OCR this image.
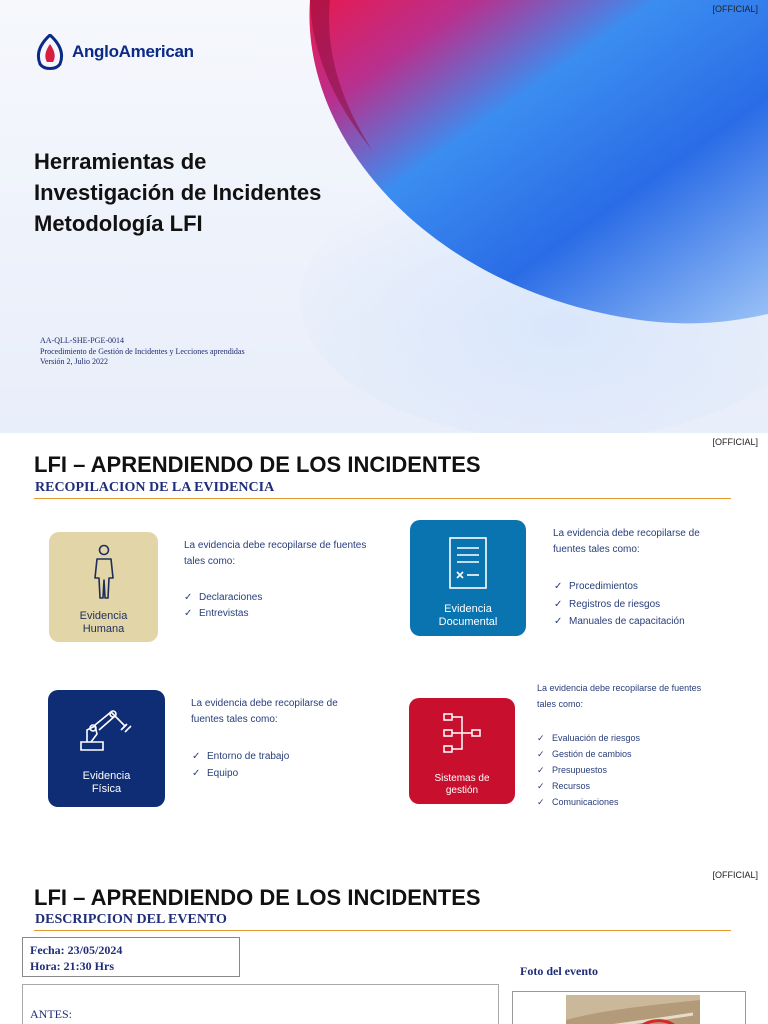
[OFFICIAL]
AngloAmerican
Herramientas de
Investigación de Incidentes
Metodología LFI
AA-QLL-SHE-PGE-0014
Procedimiento de Gestión de Incidentes y Lecciones aprendidas
Versión 2, Julio 2022
[OFFICIAL]
LFI – APRENDIENDO DE LOS INCIDENTES
RECOPILACION DE LA EVIDENCIA
Evidencia
Humana
La evidencia debe recopilarse de fuentes
tales como:
✓ Declaraciones
✓ Entrevistas	Evidencia
Documental
La evidencia debe recopilarse de
fuentes tales como:
✓ Procedimientos
✓ Registros de riesgos
✓ Manuales de capacitación
Evidencia
Física
La evidencia debe recopilarse de
fuentes tales como:
✓ Entorno de trabajo
✓ Equipo	Sistemas de
gestión
La evidencia debe recopilarse de fuentes
tales como:
✓ Evaluación de riesgos
✓ Gestión de cambios
✓ Presupuestos
✓ Recursos
✓ Comunicaciones
[OFFICIAL]
LFI – APRENDIENDO DE LOS INCIDENTES
DESCRIPCION DEL EVENTO
Fecha: 23/05/2024
Hora: 21:30 Hrs
ANTES:
Foto del evento
